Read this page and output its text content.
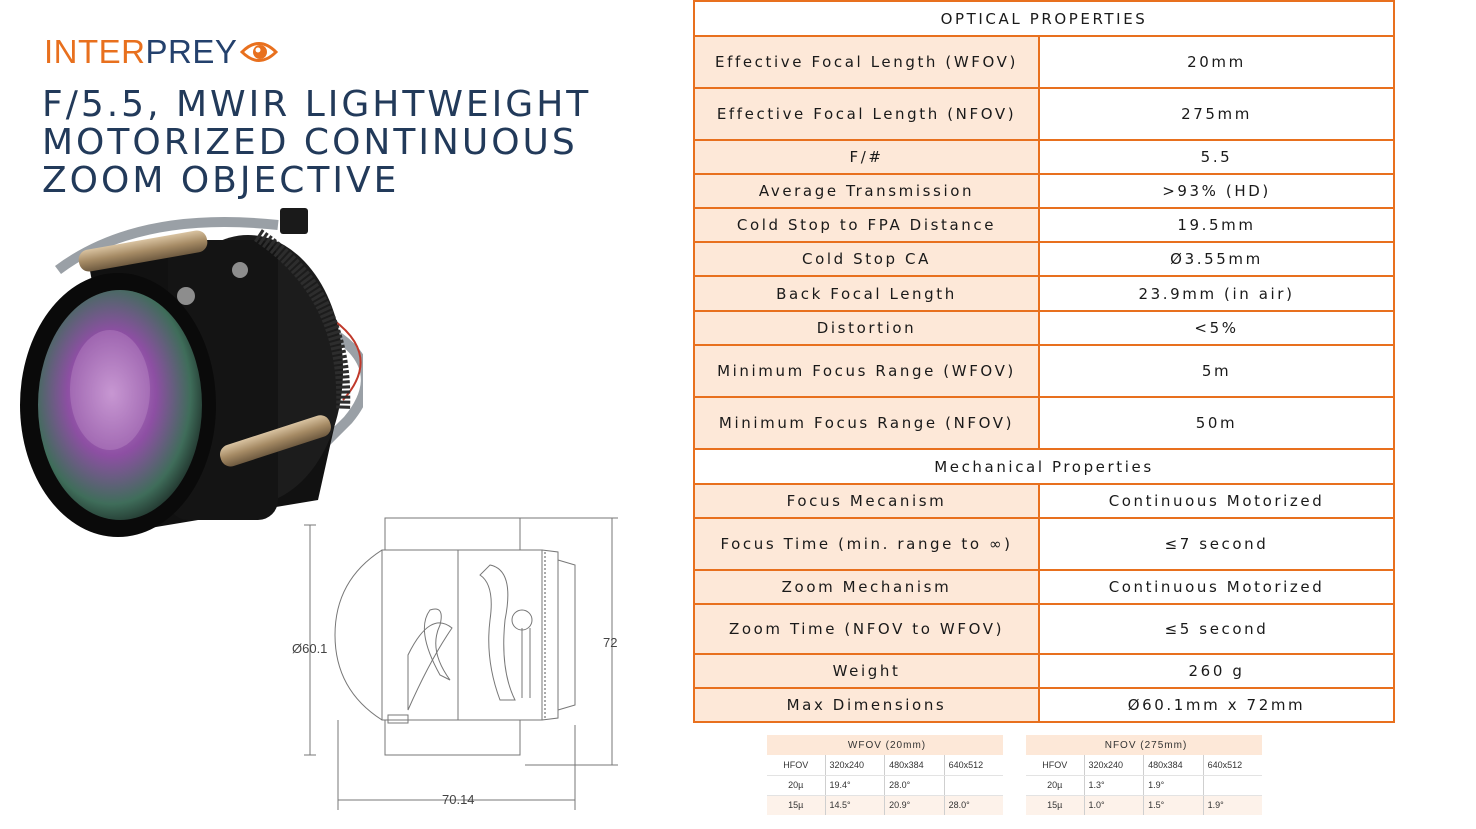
INTER PREY
F/5.5, MWIR LIGHTWEIGHT
MOTORIZED CONTINUOUS
ZOOM OBJECTIVE
Ø60.1	72
70.14
OPTICAL PROPERTIES	
Effective Focal Length (WFOV)	20mm
Effective Focal Length (NFOV)	275mm
F/#	5.5
Average Transmission	>93% (HD)
Cold Stop to FPA Distance	19.5mm
Cold Stop CA	Ø3.55mm
Back Focal Length	23.9mm (in air)
Distortion	<5%
Minimum Focus Range (WFOV)	5m
Minimum Focus Range (NFOV)	50m
Mechanical Properties	
Focus Mecanism	Continuous Motorized
Focus Time (min. range to ∞)	≤7 second
Zoom Mechanism	Continuous Motorized
Zoom Time (NFOV to WFOV)	≤5 second
Weight	260 g
Max Dimensions	Ø60.1mm x 72mm
WFOV (20mm)			
HFOV	320x240	480x384	640x512
20µ	19.4°	28.0°	
15µ	14.5°	20.9°	28.0°
NFOV (275mm)			
HFOV	320x240	480x384	640x512
20µ	1.3°	1.9°	
15µ	1.0°	1.5°	1.9°
